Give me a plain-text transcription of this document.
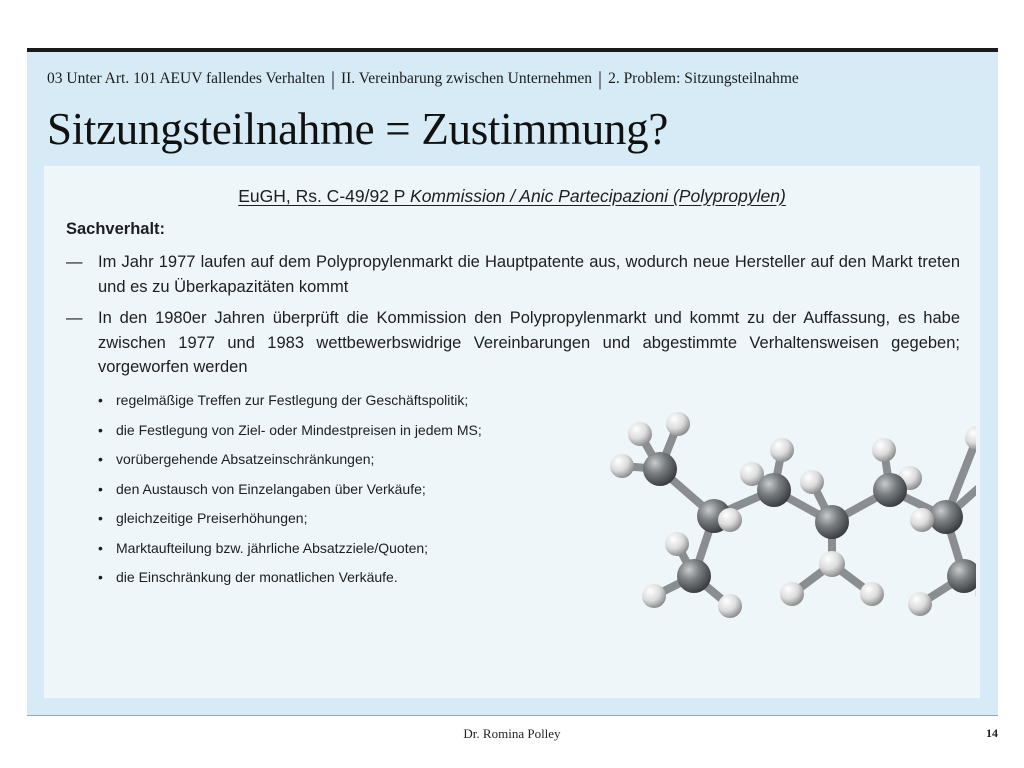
03 Unter Art. 101 AEUV fallendes Verhalten | II. Vereinbarung zwischen Unternehmen | 2. Problem: Sitzungsteilnahme
Sitzungsteilnahme = Zustimmung?
EuGH, Rs. C-49/92 P Kommission / Anic Partecipazioni (Polypropylen)
Sachverhalt:
— Im Jahr 1977 laufen auf dem Polypropylenmarkt die Hauptpatente aus, wodurch neue Hersteller auf den Markt treten und es zu Überkapazitäten kommt
— In den 1980er Jahren überprüft die Kommission den Polypropylenmarkt und kommt zu der Auffassung, es habe zwischen 1977 und 1983 wettbewerbswidrige Vereinbarungen und abgestimmte Verhaltensweisen gegeben; vorgeworfen werden
• regelmäßige Treffen zur Festlegung der Geschäftspolitik;
• die Festlegung von Ziel- oder Mindestpreisen in jedem MS;
• vorübergehende Absatzeinschränkungen;
• den Austausch von Einzelangaben über Verkäufe;
• gleichzeitige Preiserhöhungen;
• Marktaufteilung bzw. jährliche Absatzziele/Quoten;
• die Einschränkung der monatlichen Verkäufe.
Dr. Romina Polley	14
